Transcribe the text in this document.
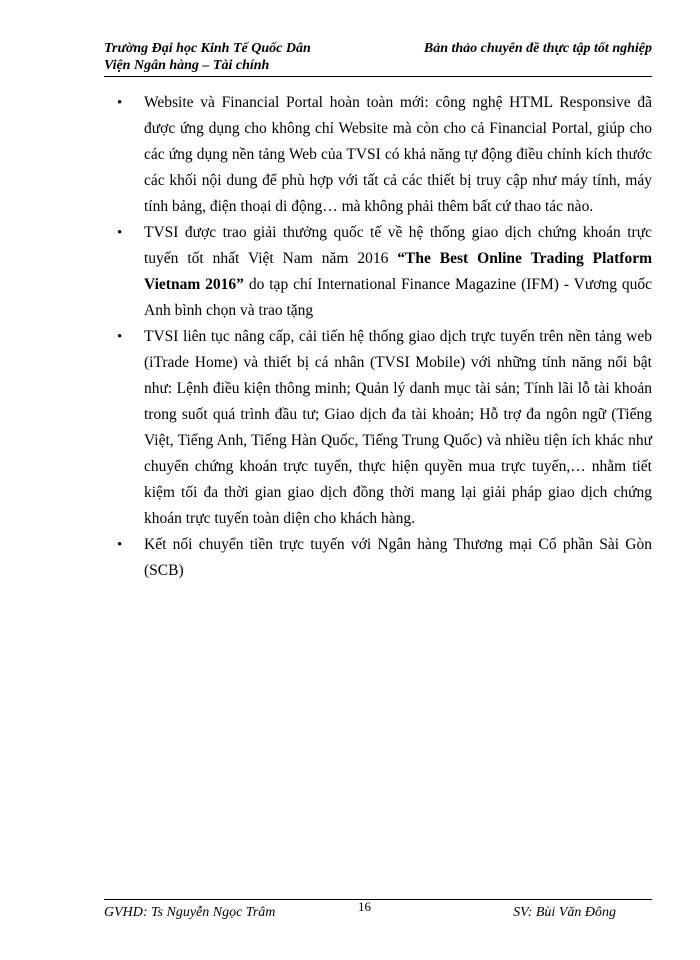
Trường Đại học Kinh Tế Quốc Dân
Viện Ngân hàng – Tài chính
Bản thảo chuyên đề thực tập tốt nghiệp
• Website và Financial Portal hoàn toàn mới: công nghệ HTML Responsive đã được ứng dụng cho không chỉ Website mà còn cho cả Financial Portal, giúp cho các ứng dụng nền tảng Web của TVSI có khả năng tự động điều chỉnh kích thước các khối nội dung để phù hợp với tất cả các thiết bị truy cập như máy tính, máy tính bảng, điện thoại di động… mà không phải thêm bất cứ thao tác nào.
• TVSI được trao giải thưởng quốc tế về hệ thống giao dịch chứng khoán trực tuyến tốt nhất Việt Nam năm 2016 “The Best Online Trading Platform Vietnam 2016” do tạp chí International Finance Magazine (IFM) - Vương quốc Anh bình chọn và trao tặng
• TVSI liên tục nâng cấp, cải tiến hệ thống giao dịch trực tuyến trên nền tảng web (iTrade Home) và thiết bị cá nhân (TVSI Mobile) với những tính năng nổi bật như: Lệnh điều kiện thông minh; Quản lý danh mục tài sản; Tính lãi lỗ tài khoản trong suốt quá trình đầu tư; Giao dịch đa tài khoản; Hỗ trợ đa ngôn ngữ (Tiếng Việt, Tiếng Anh, Tiếng Hàn Quốc, Tiếng Trung Quốc) và nhiều tiện ích khác như chuyển chứng khoán trực tuyến, thực hiện quyền mua trực tuyến,… nhằm tiết kiệm tối đa thời gian giao dịch đồng thời mang lại giải pháp giao dịch chứng khoán trực tuyến toàn diện cho khách hàng.
• Kết nối chuyển tiền trực tuyến với Ngân hàng Thương mại Cổ phần Sài Gòn (SCB)
GVHD: Ts Nguyễn Ngọc Trâm	16	SV: Bùi Văn Đông
